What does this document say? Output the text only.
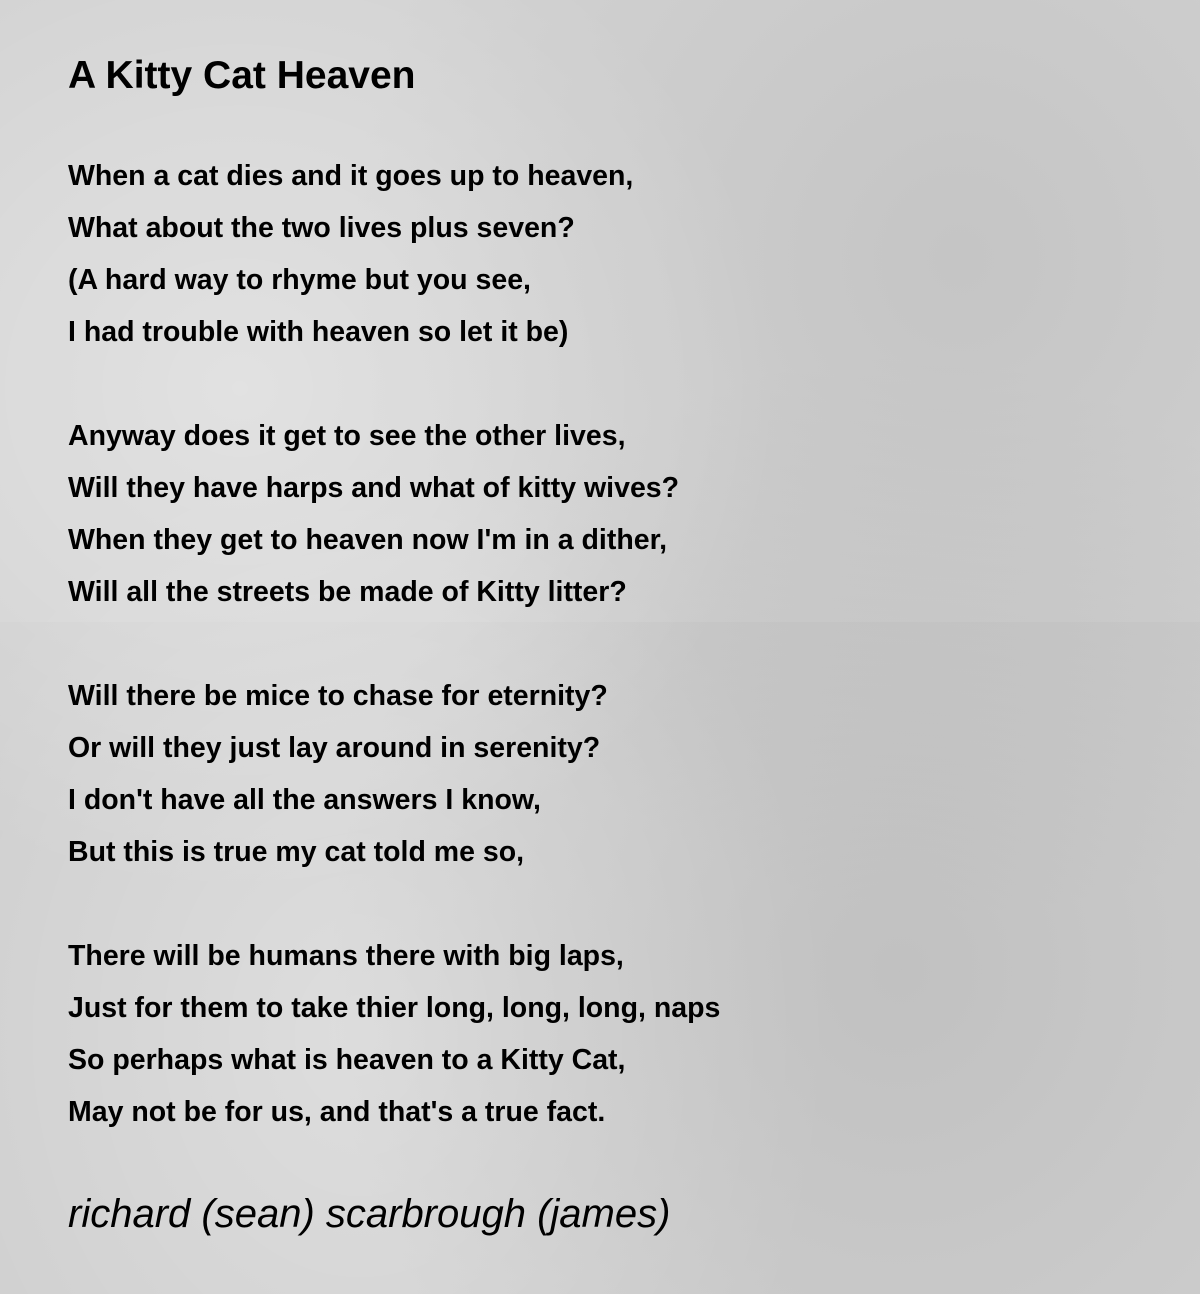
A Kitty Cat Heaven
When a cat dies and it goes up to heaven,
What about the two lives plus seven?
(A hard way to rhyme but you see,
I had trouble with heaven so let it be)
Anyway does it get to see the other lives,
Will they have harps and what of kitty wives?
When they get to heaven now I'm in a dither,
Will all the streets be made of Kitty litter?
Will there be mice to chase for eternity?
Or will they just lay around in serenity?
I don't have all the answers I know,
But this is true my cat told me so,
There will be humans there with big laps,
Just for them to take thier long, long, long, naps
So perhaps what is heaven to a Kitty Cat,
May not be for us, and that's a true fact.
richard (sean) scarbrough (james)
